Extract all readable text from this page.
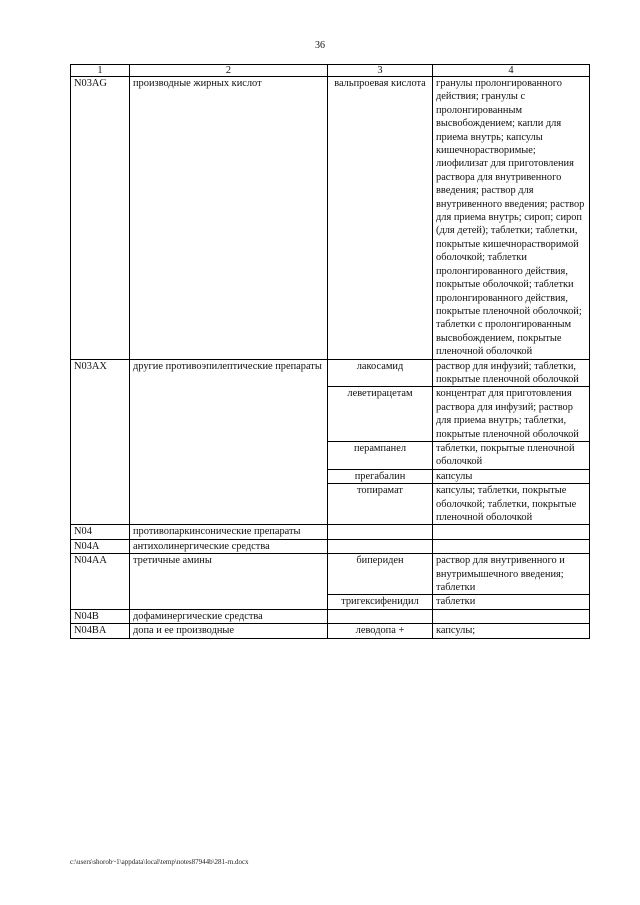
36
1	2	3	4
N03AG	производные жирных кислот	вальпроевая кислота	гранулы пролонгированного действия; гранулы с пролонгированным высвобождением; капли для приема внутрь; капсулы кишечнорастворимые; лиофилизат для приготовления раствора для внутривенного введения; раствор для внутривенного введения; раствор для приема внутрь; сироп; сироп (для детей); таблетки; таблетки, покрытые кишечнорастворимой оболочкой; таблетки пролонгированного действия, покрытые оболочкой; таблетки пролонгированного действия, покрытые пленочной оболочкой; таблетки с пролонгированным высвобождением, покрытые пленочной оболочкой
N03AX	другие противоэпилептические препараты	лакосамид	раствор для инфузий; таблетки, покрытые пленочной оболочкой
		леветирацетам	концентрат для приготовления раствора для инфузий; раствор для приема внутрь; таблетки, покрытые пленочной оболочкой
		перампанел	таблетки, покрытые пленочной оболочкой
		прегабалин	капсулы
		топирамат	капсулы; таблетки, покрытые оболочкой; таблетки, покрытые пленочной оболочкой
N04	противопаркинсонические препараты		
N04A	антихолинергические средства		
N04AA	третичные амины	бипериден	раствор для внутривенного и внутримышечного введения; таблетки
		тригексифенидил	таблетки
N04B	дофаминергические средства		
N04BA	допа и ее производные	леводопа +	капсулы;
c:\users\shorob~1\appdata\local\temp\notes87944b\281-rn.docx
